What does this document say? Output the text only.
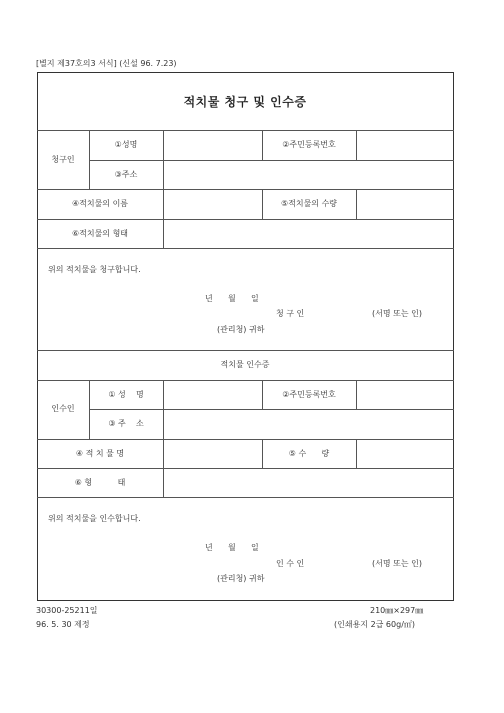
[별지 제37호의3 서식] (신설 96. 7.23)
적치물 청구 및 인수증
청구인
①성명	②주민등록번호
③주소
④적치물의 이름	⑤적치물의 수량
⑥적치물의 형태
위의 적치물을 청구합니다.
년      월      일
청 구 인	(서명 또는 인)
(관리청) 귀하
적치물 인수증
인수인
① 성    명	②주민등록번호
③ 주    소
④ 적 치 물 명	⑤ 수      량
⑥ 형          태
위의 적치물을 인수합니다.
년      월      일
인 수 인	(서명 또는 인)
(관리청) 귀하
30300-25211일
96. 5. 30 제정
210㎜×297㎜
(인쇄용지 2급 60g/㎡)
